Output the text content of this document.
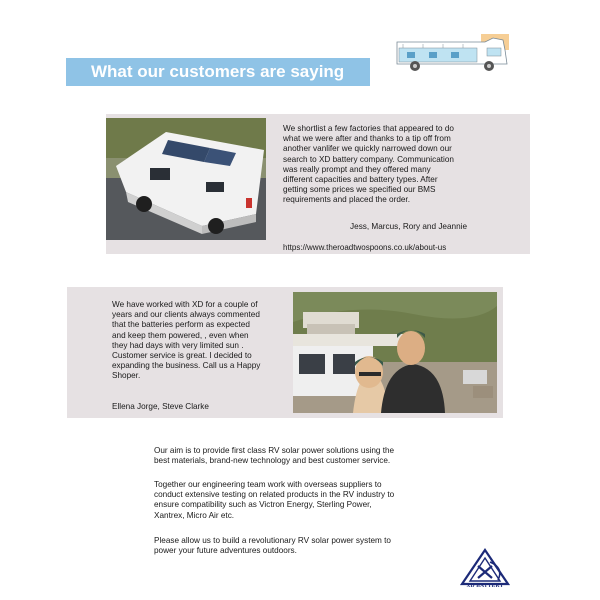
What our customers are saying
We shortlist a few factories that appeared to do
what we were after and thanks to a tip off from
another vanlifer we quickly narrowed down our
search to XD battery company. Communication
was really prompt and they offered many
different capacities and battery types. After
getting some prices we specified our BMS
requirements and placed the order.
Jess, Marcus, Rory and Jeannie
https://www.theroadtwospoons.co.uk/about-us
We have worked with XD for a couple of
years and our clients always commented
that the batteries perform as expected
and keep them powered, , even when
they had days with very limited sun .
Customer service is great. I decided to
expanding the business. Call us a Happy
Shoper.
Ellena Jorge, Steve Clarke
Our aim is to provide first class RV solar power solutions using the
best materials, brand-new technology and best customer service.
Together our engineering team work with overseas suppliers to
conduct extensive testing on related products in the RV industry to
ensure compatibility such as Victron Energy, Sterling Power,
Xantrex, Micro Air etc.
Please allow us to build a revolutionary RV solar power system to
power your future adventures outdoors.
XD BATTERY
